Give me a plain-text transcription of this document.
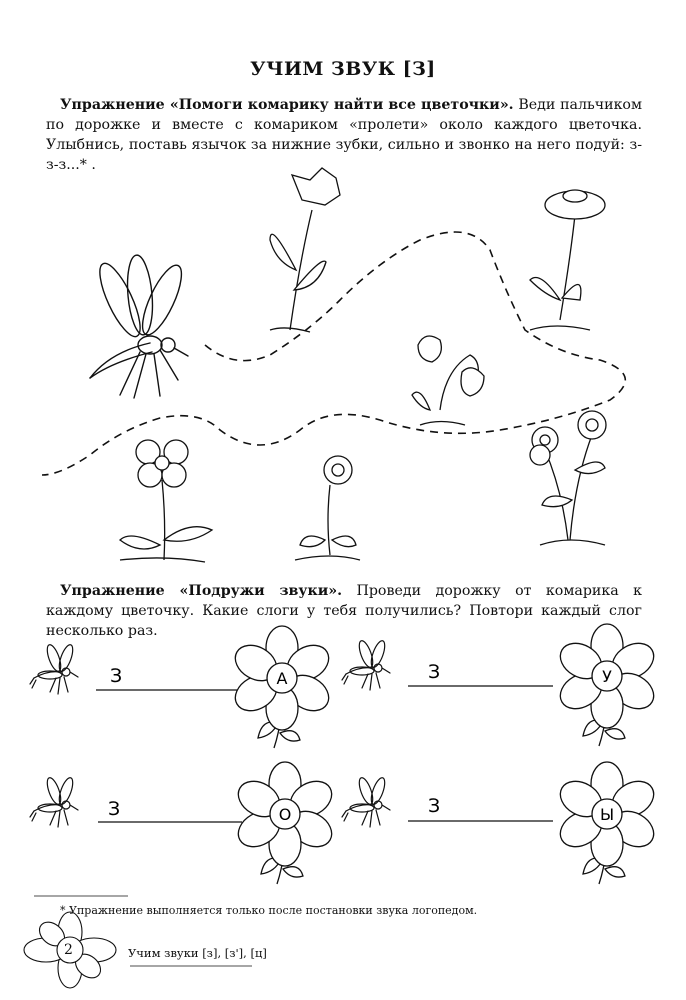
УЧИМ ЗВУК [З]
Упражнение «Помоги комарику найти все цветочки». Веди пальчиком по дорожке и вместе с комариком «пролети» около каждого цветочка. Улыбнись, поставь язычок за нижние зубки, сильно и звонко на него подуй: з-з-з...* .
Упражнение «Подружи звуки». Проведи дорожку от комарика к каждому цветочку. Какие слоги у тебя получились? Повтори каждый слог несколько раз.
З	А	З	У
З	О	З	Ы
* Упражнение выполняется только после постановки звука логопедом.
2	Учим звуки [з], [з'], [ц]
